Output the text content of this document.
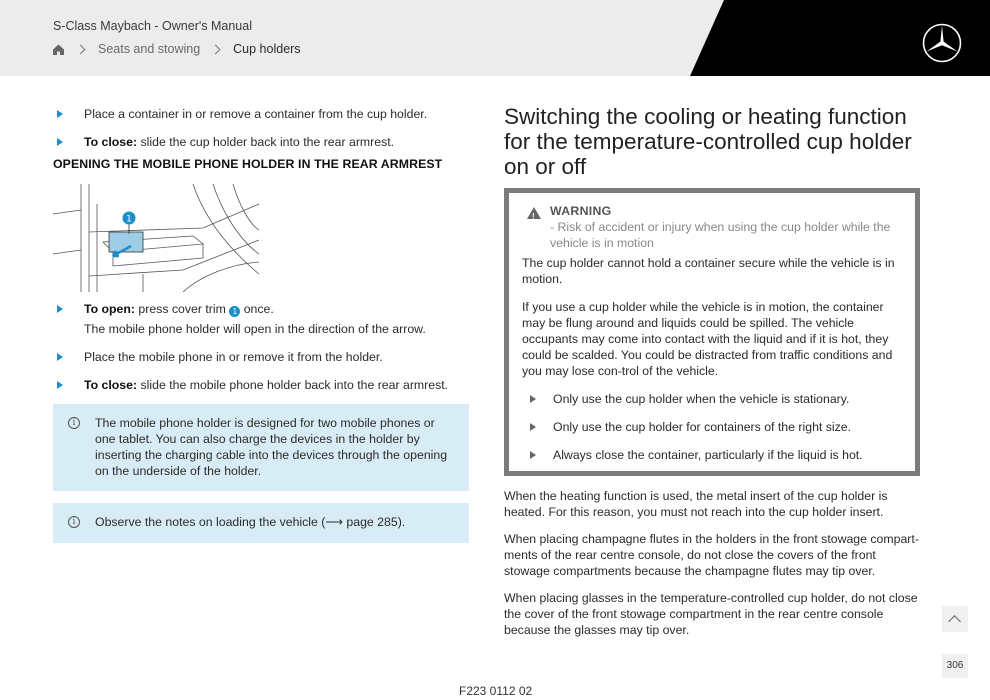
S-Class Maybach - Owner's Manual
Seats and stowing	Cup holders
Place a container in or remove a container from the cup holder.
To close: slide the cup holder back into the rear armrest.
OPENING THE MOBILE PHONE HOLDER IN THE REAR ARMREST
1
To open: press cover trim 1 once.
The mobile phone holder will open in the direction of the arrow.
Place the mobile phone in or remove it from the holder.
To close: slide the mobile phone holder back into the rear armrest.
i	The mobile phone holder is designed for two mobile phones or one tablet. You can also charge the devices in the holder by inserting the charging cable into the devices through the opening on the underside of the holder.
i	Observe the notes on loading the vehicle (⟶ page 285).
Switching the cooling or heating function for the temperature-controlled cup holder on or off
!
WARNING
- Risk of accident or injury when using the cup holder while the vehicle is in motion
The cup holder cannot hold a container secure while the vehicle is in motion.
If you use a cup holder while the vehicle is in motion, the container may be flung around and liquids could be spilled. The vehicle occupants may come into contact with the liquid and if it is hot, they could be scalded. You could be distracted from traffic conditions and you may lose con-trol of the vehicle.
Only use the cup holder when the vehicle is stationary.
Only use the cup holder for containers of the right size.
Always close the container, particularly if the liquid is hot.
When the heating function is used, the metal insert of the cup holder is heated. For this reason, you must not reach into the cup holder insert.
When placing champagne flutes in the holders in the front stowage compart-ments of the rear centre console, do not close the covers of the front stowage compartments because the champagne flutes may tip over.
When placing glasses in the temperature-controlled cup holder, do not close the cover of the front stowage compartment in the rear centre console because the glasses may tip over.
306
F223 0112 02
